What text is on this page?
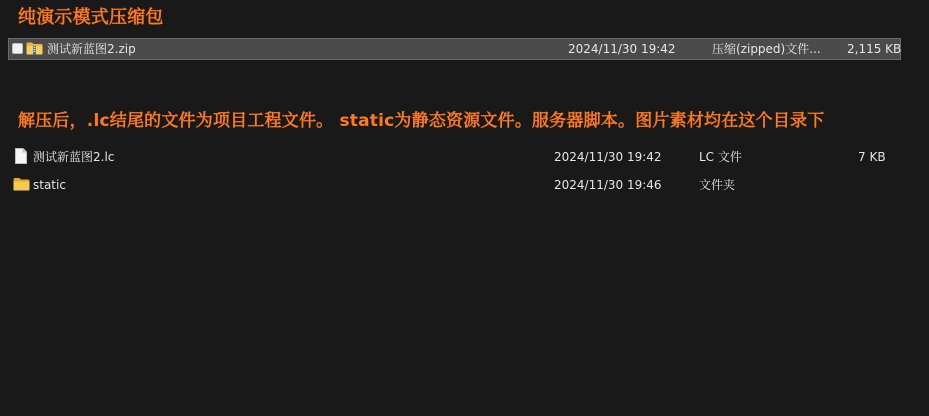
纯演示模式压缩包
测试新蓝图2.zip	2024/11/30 19:42	压缩(zipped)文件... 2,115 KB
解压后，.lc结尾的文件为项目工程文件。 static为静态资源文件。服务器脚本。图片素材均在这个目录下
测试新蓝图2.lc	2024/11/30 19:42	LC 文件	7 KB
static	2024/11/30 19:46	文件夹
